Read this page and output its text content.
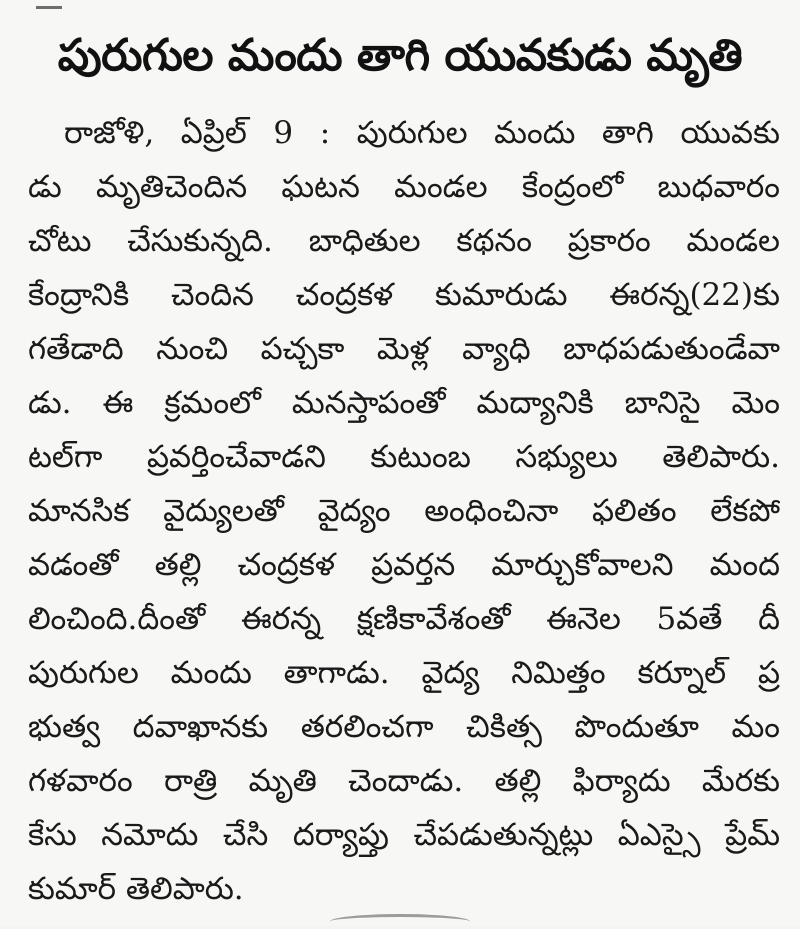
పురుగుల మందు తాగి యువకుడు మృతి
రాజోళి, ఏప్రిల్ 9 : పురుగుల మందు తాగి యువకు
డు మృతిచెందిన ఘటన మండల కేంద్రంలో బుధవారం
చోటు చేసుకున్నది. బాధితుల కథనం ప్రకారం మండల
కేంద్రానికి చెందిన చంద్రకళ కుమారుడు ఈరన్న(22)కు
గతేడాది నుంచి పచ్చకా మెళ్ల వ్యాధి బాధపడుతుండేవా
డు. ఈ క్రమంలో మనస్తాపంతో మద్యానికి బానిసై మెం
టల్‌గా ప్రవర్తించేవాడని కుటుంబ సభ్యులు తెలిపారు.
మానసిక వైద్యులతో వైద్యం అంధించినా ఫలితం లేకపో
వడంతో తల్లి చంద్రకళ ప్రవర్తన మార్చుకోవాలని మంద
లించింది.దీంతో ఈరన్న క్షణికావేశంతో ఈనెల 5వతే దీ
పురుగుల మందు తాగాడు. వైద్య నిమిత్తం కర్నూల్ ప్ర
భుత్వ దవాఖానకు తరలించగా చికిత్స పొందుతూ మం
గళవారం రాత్రి మృతి చెందాడు. తల్లి ఫిర్యాదు మేరకు
కేసు నమోదు చేసి దర్యాప్తు చేపడుతున్నట్లు ఏఎస్సై ప్రేమ్
కుమార్ తెలిపారు.
